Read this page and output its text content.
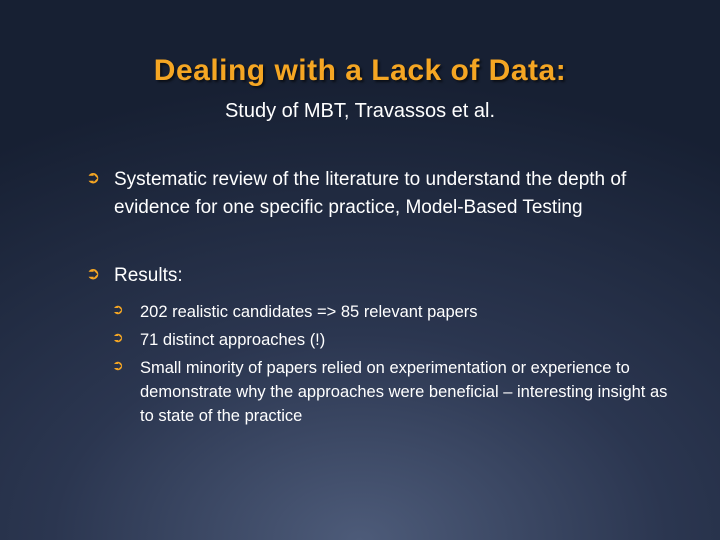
Dealing with a Lack of Data:
Study of MBT, Travassos et al.
➲ Systematic review of the literature to understand the depth of evidence for one specific practice, Model-Based Testing
➲ Results:
➲ 202 realistic candidates => 85 relevant papers
➲ 71 distinct approaches (!)
➲ Small minority of papers relied on experimentation or experience to demonstrate why the approaches were beneficial – interesting insight as to state of the practice
